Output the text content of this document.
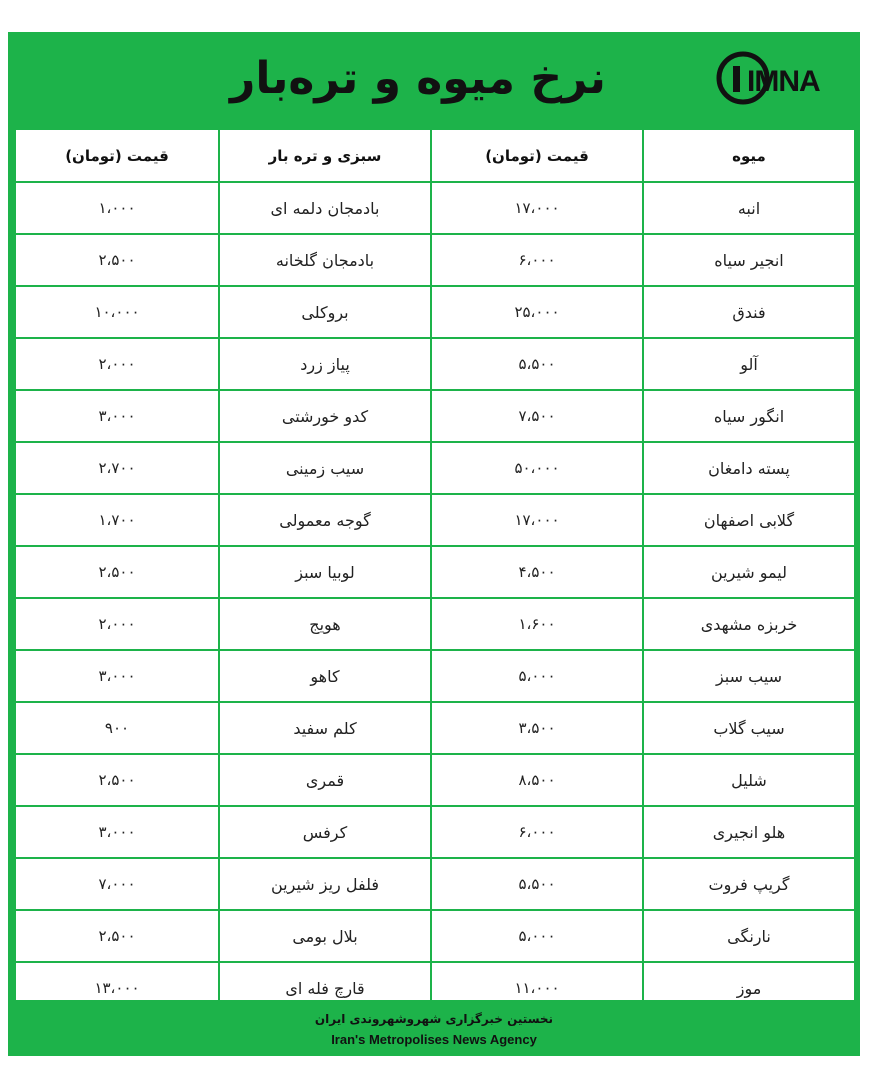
IMNA
نرخ میوه و تره‌بار
میوه	قیمت (تومان)	سبزی و تره بار	قیمت (تومان)
انبه	۱۷،۰۰۰	بادمجان دلمه ای	۱،۰۰۰
انجیر سیاه	۶،۰۰۰	بادمجان گلخانه	۲،۵۰۰
فندق	۲۵،۰۰۰	بروکلی	۱۰،۰۰۰
آلو	۵،۵۰۰	پیاز زرد	۲،۰۰۰
انگور سیاه	۷،۵۰۰	کدو خورشتی	۳،۰۰۰
پسته دامغان	۵۰،۰۰۰	سیب زمینی	۲،۷۰۰
گلابی اصفهان	۱۷،۰۰۰	گوجه معمولی	۱،۷۰۰
لیمو شیرین	۴،۵۰۰	لوبیا سبز	۲،۵۰۰
خربزه مشهدی	۱،۶۰۰	هویج	۲،۰۰۰
سیب سبز	۵،۰۰۰	کاهو	۳،۰۰۰
سیب گلاب	۳،۵۰۰	کلم سفید	۹۰۰
شلیل	۸،۵۰۰	قمری	۲،۵۰۰
هلو انجیری	۶،۰۰۰	کرفس	۳،۰۰۰
گریپ فروت	۵،۵۰۰	فلفل ریز شیرین	۷،۰۰۰
نارنگی	۵،۰۰۰	بلال بومی	۲،۵۰۰
موز	۱۱،۰۰۰	قارچ فله ای	۱۳،۰۰۰
نخستین خبرگزاری شهروشهروندی ایران
Iran's Metropolises News Agency
